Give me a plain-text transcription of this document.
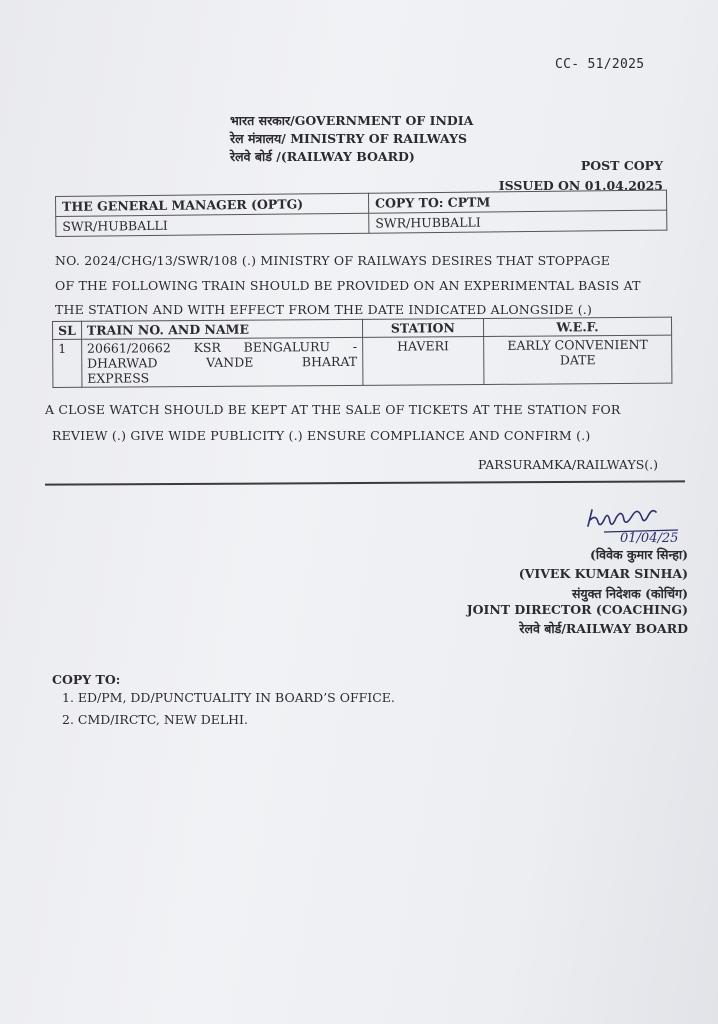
CC- 51/2025
भारत सरकार/GOVERNMENT OF INDIA
रेल मंत्रालय/ MINISTRY OF RAILWAYS
रेलवे बोर्ड /(RAILWAY BOARD)
POST COPY
ISSUED ON 01.04.2025
THE GENERAL MANAGER (OPTG)	COPY TO: CPTM
SWR/HUBBALLI	SWR/HUBBALLI
NO. 2024/CHG/13/SWR/108 (.) MINISTRY OF RAILWAYS DESIRES THAT STOPPAGE
OF THE FOLLOWING TRAIN SHOULD BE PROVIDED ON AN EXPERIMENTAL BASIS AT
THE STATION AND WITH EFFECT FROM THE DATE INDICATED ALONGSIDE (.)
SL	TRAIN NO. AND NAME	STATION	W.E.F.
1	20661/20662 KSR BENGALURU -
DHARWAD VANDE BHARAT
EXPRESS	HAVERI	EARLY CONVENIENT
DATE
A CLOSE WATCH SHOULD BE KEPT AT THE SALE OF TICKETS AT THE STATION FOR
REVIEW (.) GIVE WIDE PUBLICITY (.) ENSURE COMPLIANCE AND CONFIRM (.)
PARSURAMKA/RAILWAYS(.)
01/04/25
(विवेक कुमार सिन्हा)
(VIVEK KUMAR SINHA)
संयुक्त निदेशक (कोचिंग)
JOINT DIRECTOR (COACHING)
रेलवे बोर्ड/RAILWAY BOARD
COPY TO:
1. ED/PM, DD/PUNCTUALITY IN BOARD’S OFFICE.
2. CMD/IRCTC, NEW DELHI.
